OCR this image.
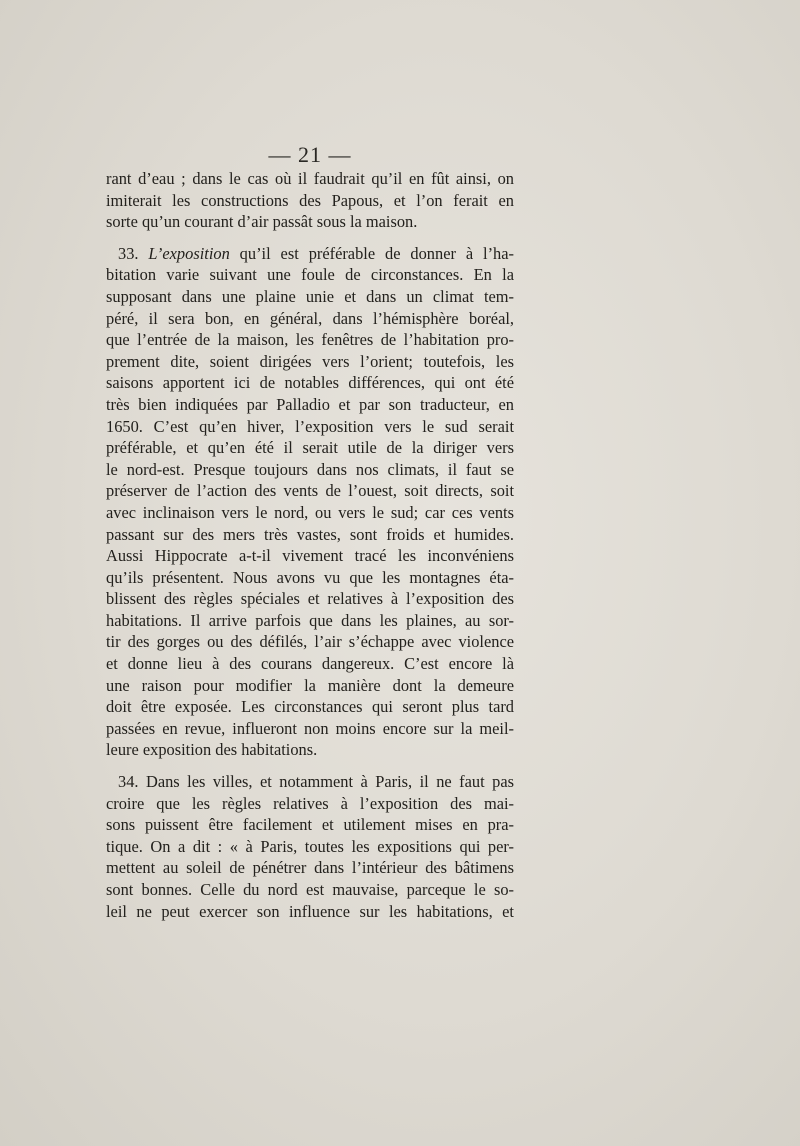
— 21 —
rant d’eau ; dans le cas où il faudrait qu’il en fût ainsi, on
imiterait les constructions des Papous, et l’on ferait en
sorte qu’un courant d’air passât sous la maison.
33. L’exposition qu’il est préférable de donner à l’ha-
bitation varie suivant une foule de circonstances. En la
supposant dans une plaine unie et dans un climat tem-
péré, il sera bon, en général, dans l’hémisphère boréal,
que l’entrée de la maison, les fenêtres de l’habitation pro-
prement dite, soient dirigées vers l’orient; toutefois, les
saisons apportent ici de notables différences, qui ont été
très bien indiquées par Palladio et par son traducteur, en
1650. C’est qu’en hiver, l’exposition vers le sud serait
préférable, et qu’en été il serait utile de la diriger vers
le nord-est. Presque toujours dans nos climats, il faut se
préserver de l’action des vents de l’ouest, soit directs, soit
avec inclinaison vers le nord, ou vers le sud; car ces vents
passant sur des mers très vastes, sont froids et humides.
Aussi Hippocrate a-t-il vivement tracé les inconvéniens
qu’ils présentent. Nous avons vu que les montagnes éta-
blissent des règles spéciales et relatives à l’exposition des
habitations. Il arrive parfois que dans les plaines, au sor-
tir des gorges ou des défilés, l’air s’échappe avec violence
et donne lieu à des courans dangereux. C’est encore là
une raison pour modifier la manière dont la demeure
doit être exposée. Les circonstances qui seront plus tard
passées en revue, influeront non moins encore sur la meil-
leure exposition des habitations.
34. Dans les villes, et notamment à Paris, il ne faut pas
croire que les règles relatives à l’exposition des mai-
sons puissent être facilement et utilement mises en pra-
tique. On a dit : « à Paris, toutes les expositions qui per-
mettent au soleil de pénétrer dans l’intérieur des bâtimens
sont bonnes. Celle du nord est mauvaise, parceque le so-
leil ne peut exercer son influence sur les habitations, et
